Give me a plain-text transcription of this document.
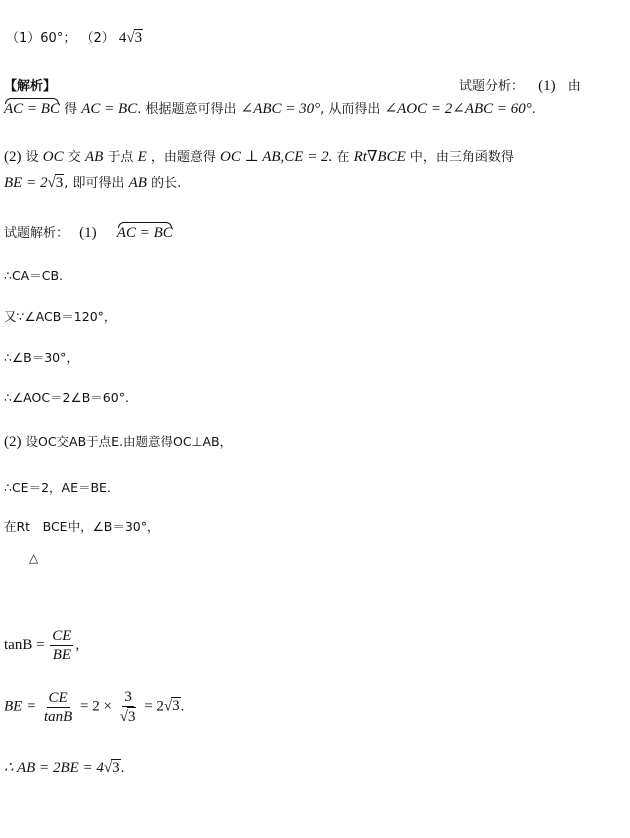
（1）60°； （2） 4√3
【解析】	试题分析： (1) 由
AC = BC 得 AC = BC. 根据题意可得出 ∠ABC = 30°, 从而得出 ∠AOC = 2∠ABC = 60°.
(2) 设 OC 交 AB 于点 E ，由题意得 OC ⊥ AB,CE = 2. 在 Rt∇BCE 中，由三角函数得
BE = 2√3, 即可得出 AB 的长.
试题解析： (1) AC = BC
∴CA＝CB.
又∵∠ACB＝120°，
∴∠B＝30°，
∴∠AOC＝2∠B＝60°.
(2) 设OC交AB于点E.由题意得OC⊥AB，
∴CE＝2，AE＝BE.
在Rt　BCE中，∠B＝30°，
△
$\tan B = \frac{CE}{BE}$ ,
BE = $\frac{CE}{\tan B} = 2 \times \frac{3}{√3} = 2√3$.
∴ AB = 2BE = 4√3.
